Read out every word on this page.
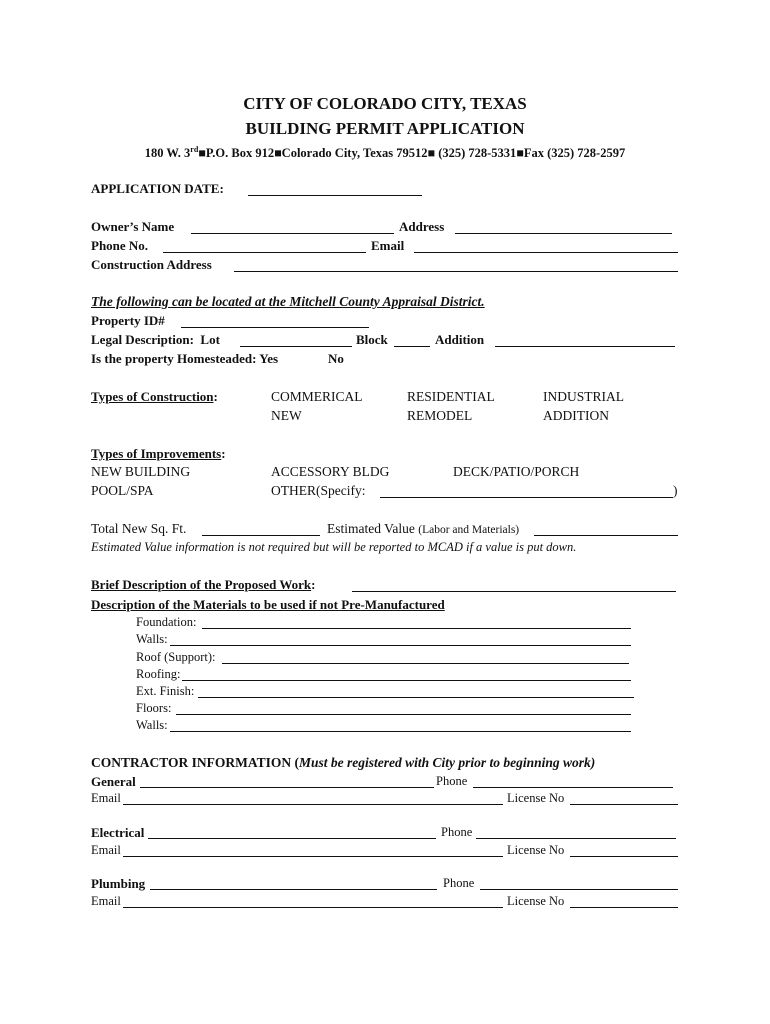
CITY OF COLORADO CITY, TEXAS
BUILDING PERMIT APPLICATION
180 W. 3rd■P.O. Box 912■Colorado City, Texas 79512■ (325) 728-5331■Fax (325) 728-2597
APPLICATION DATE:
Owner’s Name	Address
Phone No.	Email
Construction Address
The following can be located at the Mitchell County Appraisal District.
Property ID#
Legal Description:  Lot	Block	Addition
Is the property Homesteaded: Yes	No
Types of Construction:	COMMERICAL	RESIDENTIAL	INDUSTRIAL
NEW	REMODEL	ADDITION
Types of Improvements:
NEW BUILDING	ACCESSORY BLDG	DECK/PATIO/PORCH
POOL/SPA	OTHER(Specify:	)
Total New Sq. Ft.	Estimated Value (Labor and Materials)
Estimated Value information is not required but will be reported to MCAD if a value is put down.
Brief Description of the Proposed Work:
Description of the Materials to be used if not Pre-Manufactured
Foundation:
Walls:
Roof (Support):
Roofing:
Ext. Finish:
Floors:
Walls:
CONTRACTOR INFORMATION (Must be registered with City prior to beginning work)
General	Phone
Email	License No
Electrical	Phone
Email	License No
Plumbing	Phone
Email	License No
